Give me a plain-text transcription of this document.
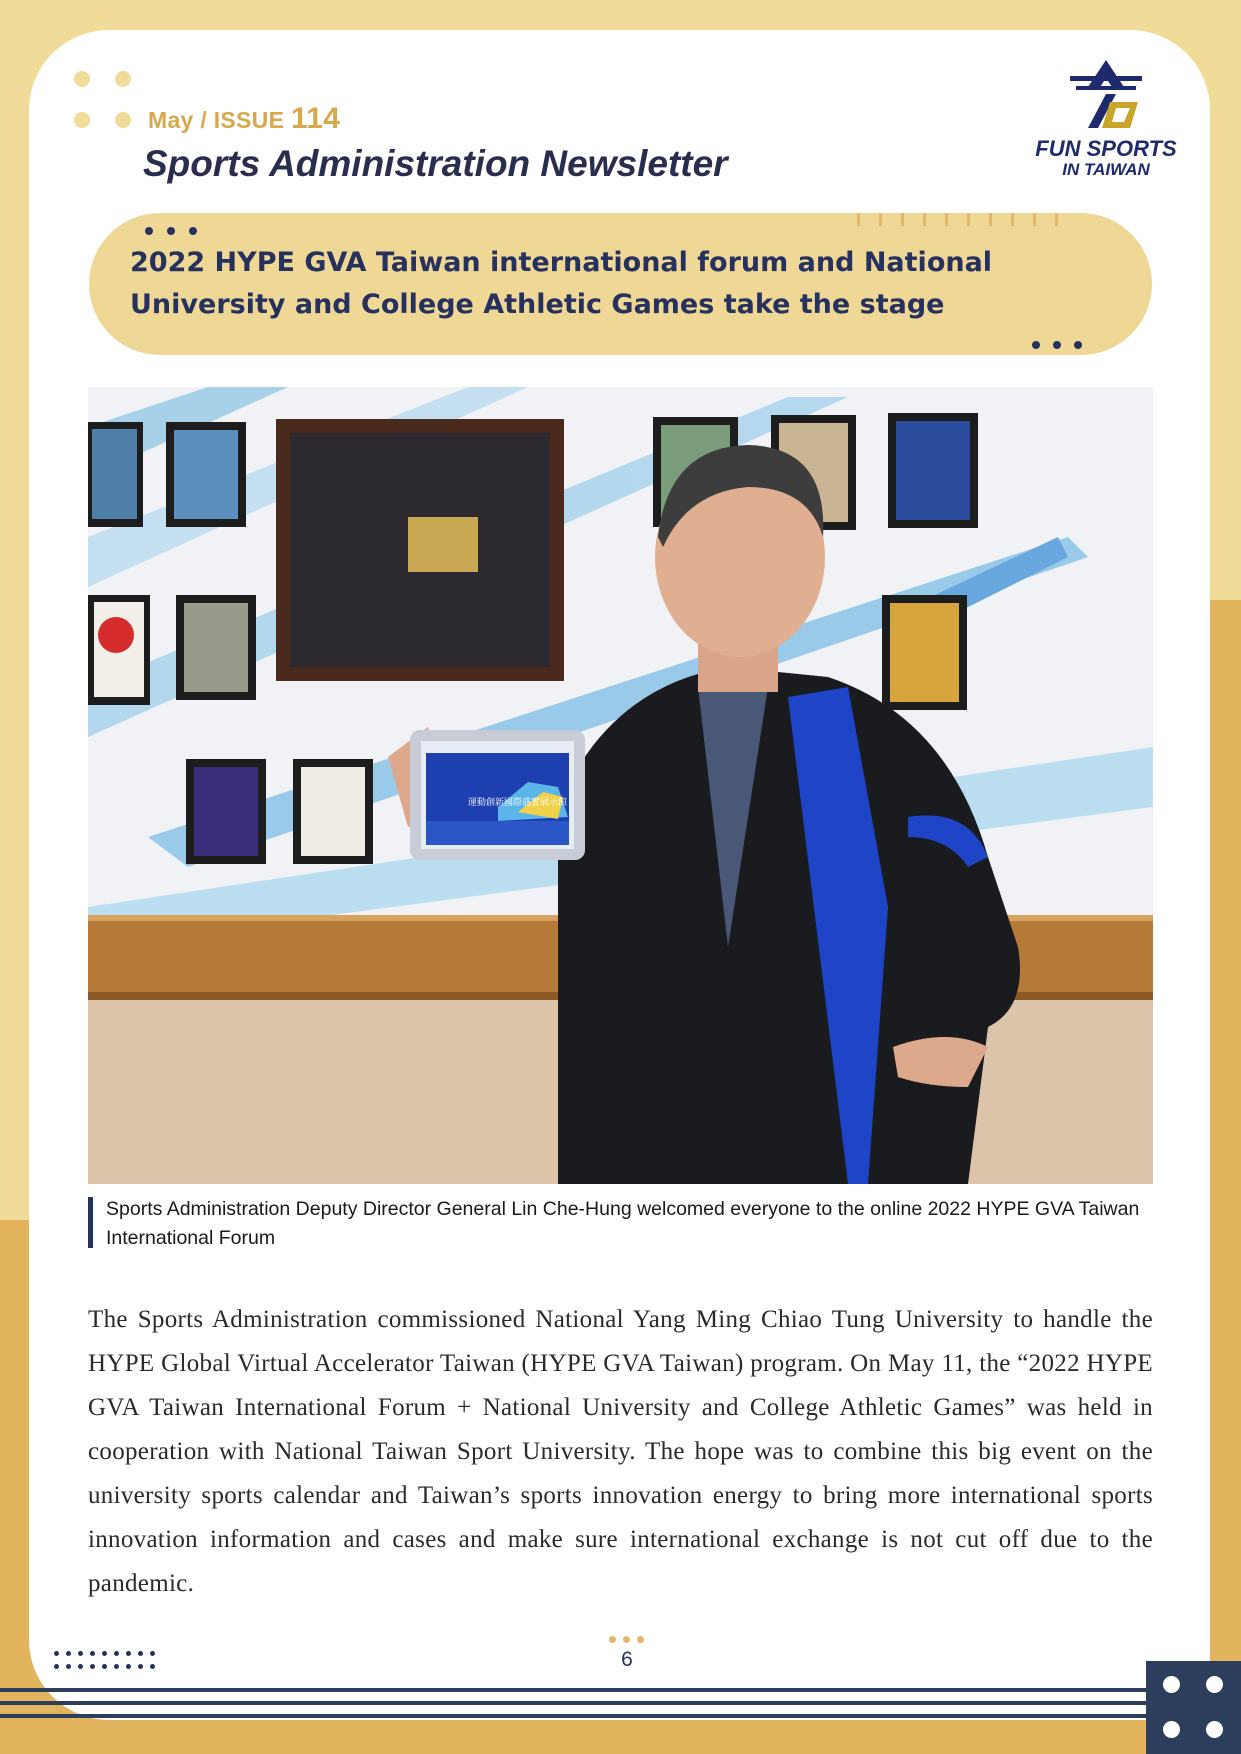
May / ISSUE 114
Sports Administration Newsletter	FUN SPORTS
IN TAIWAN
2022 HYPE GVA Taiwan international forum and National
University and College Athletic Games take the stage
運動創新國際盛實展示館
Sports Administration Deputy Director General Lin Che-Hung welcomed everyone to the online 2022 HYPE GVA Taiwan International Forum
The Sports Administration commissioned National Yang Ming Chiao Tung University to handle the HYPE Global Virtual Accelerator Taiwan (HYPE GVA Taiwan) program. On May 11, the “2022 HYPE GVA Taiwan International Forum + National University and College Athletic Games” was held in cooperation with National Taiwan Sport University. The hope was to combine this big event on the university sports calendar and Taiwan’s sports innovation energy to bring more international sports innovation information and cases and make sure international exchange is not cut off due to the pandemic.
6
